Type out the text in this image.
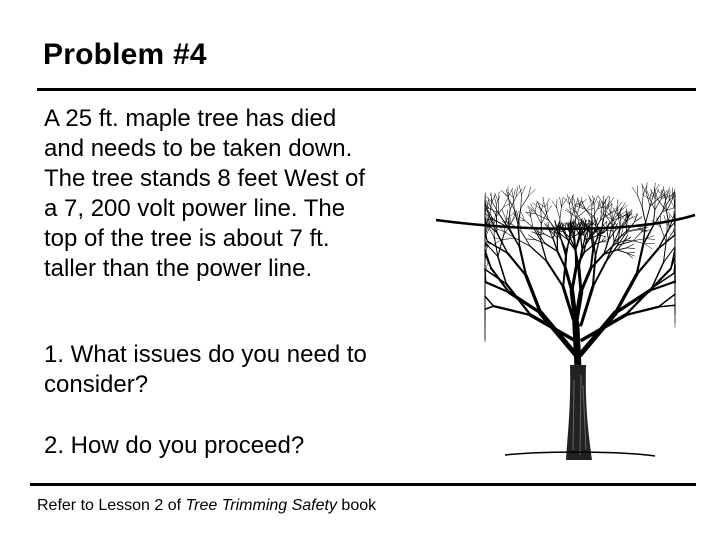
Problem #4
A 25 ft. maple tree has died
and needs to be taken down.
The tree stands 8 feet West of
a 7, 200 volt power line. The
top of the tree is about 7 ft.
taller than the power line.
1. What issues do you need to
consider?
2. How do you proceed?
Refer to Lesson 2 of Tree Trimming Safety book
